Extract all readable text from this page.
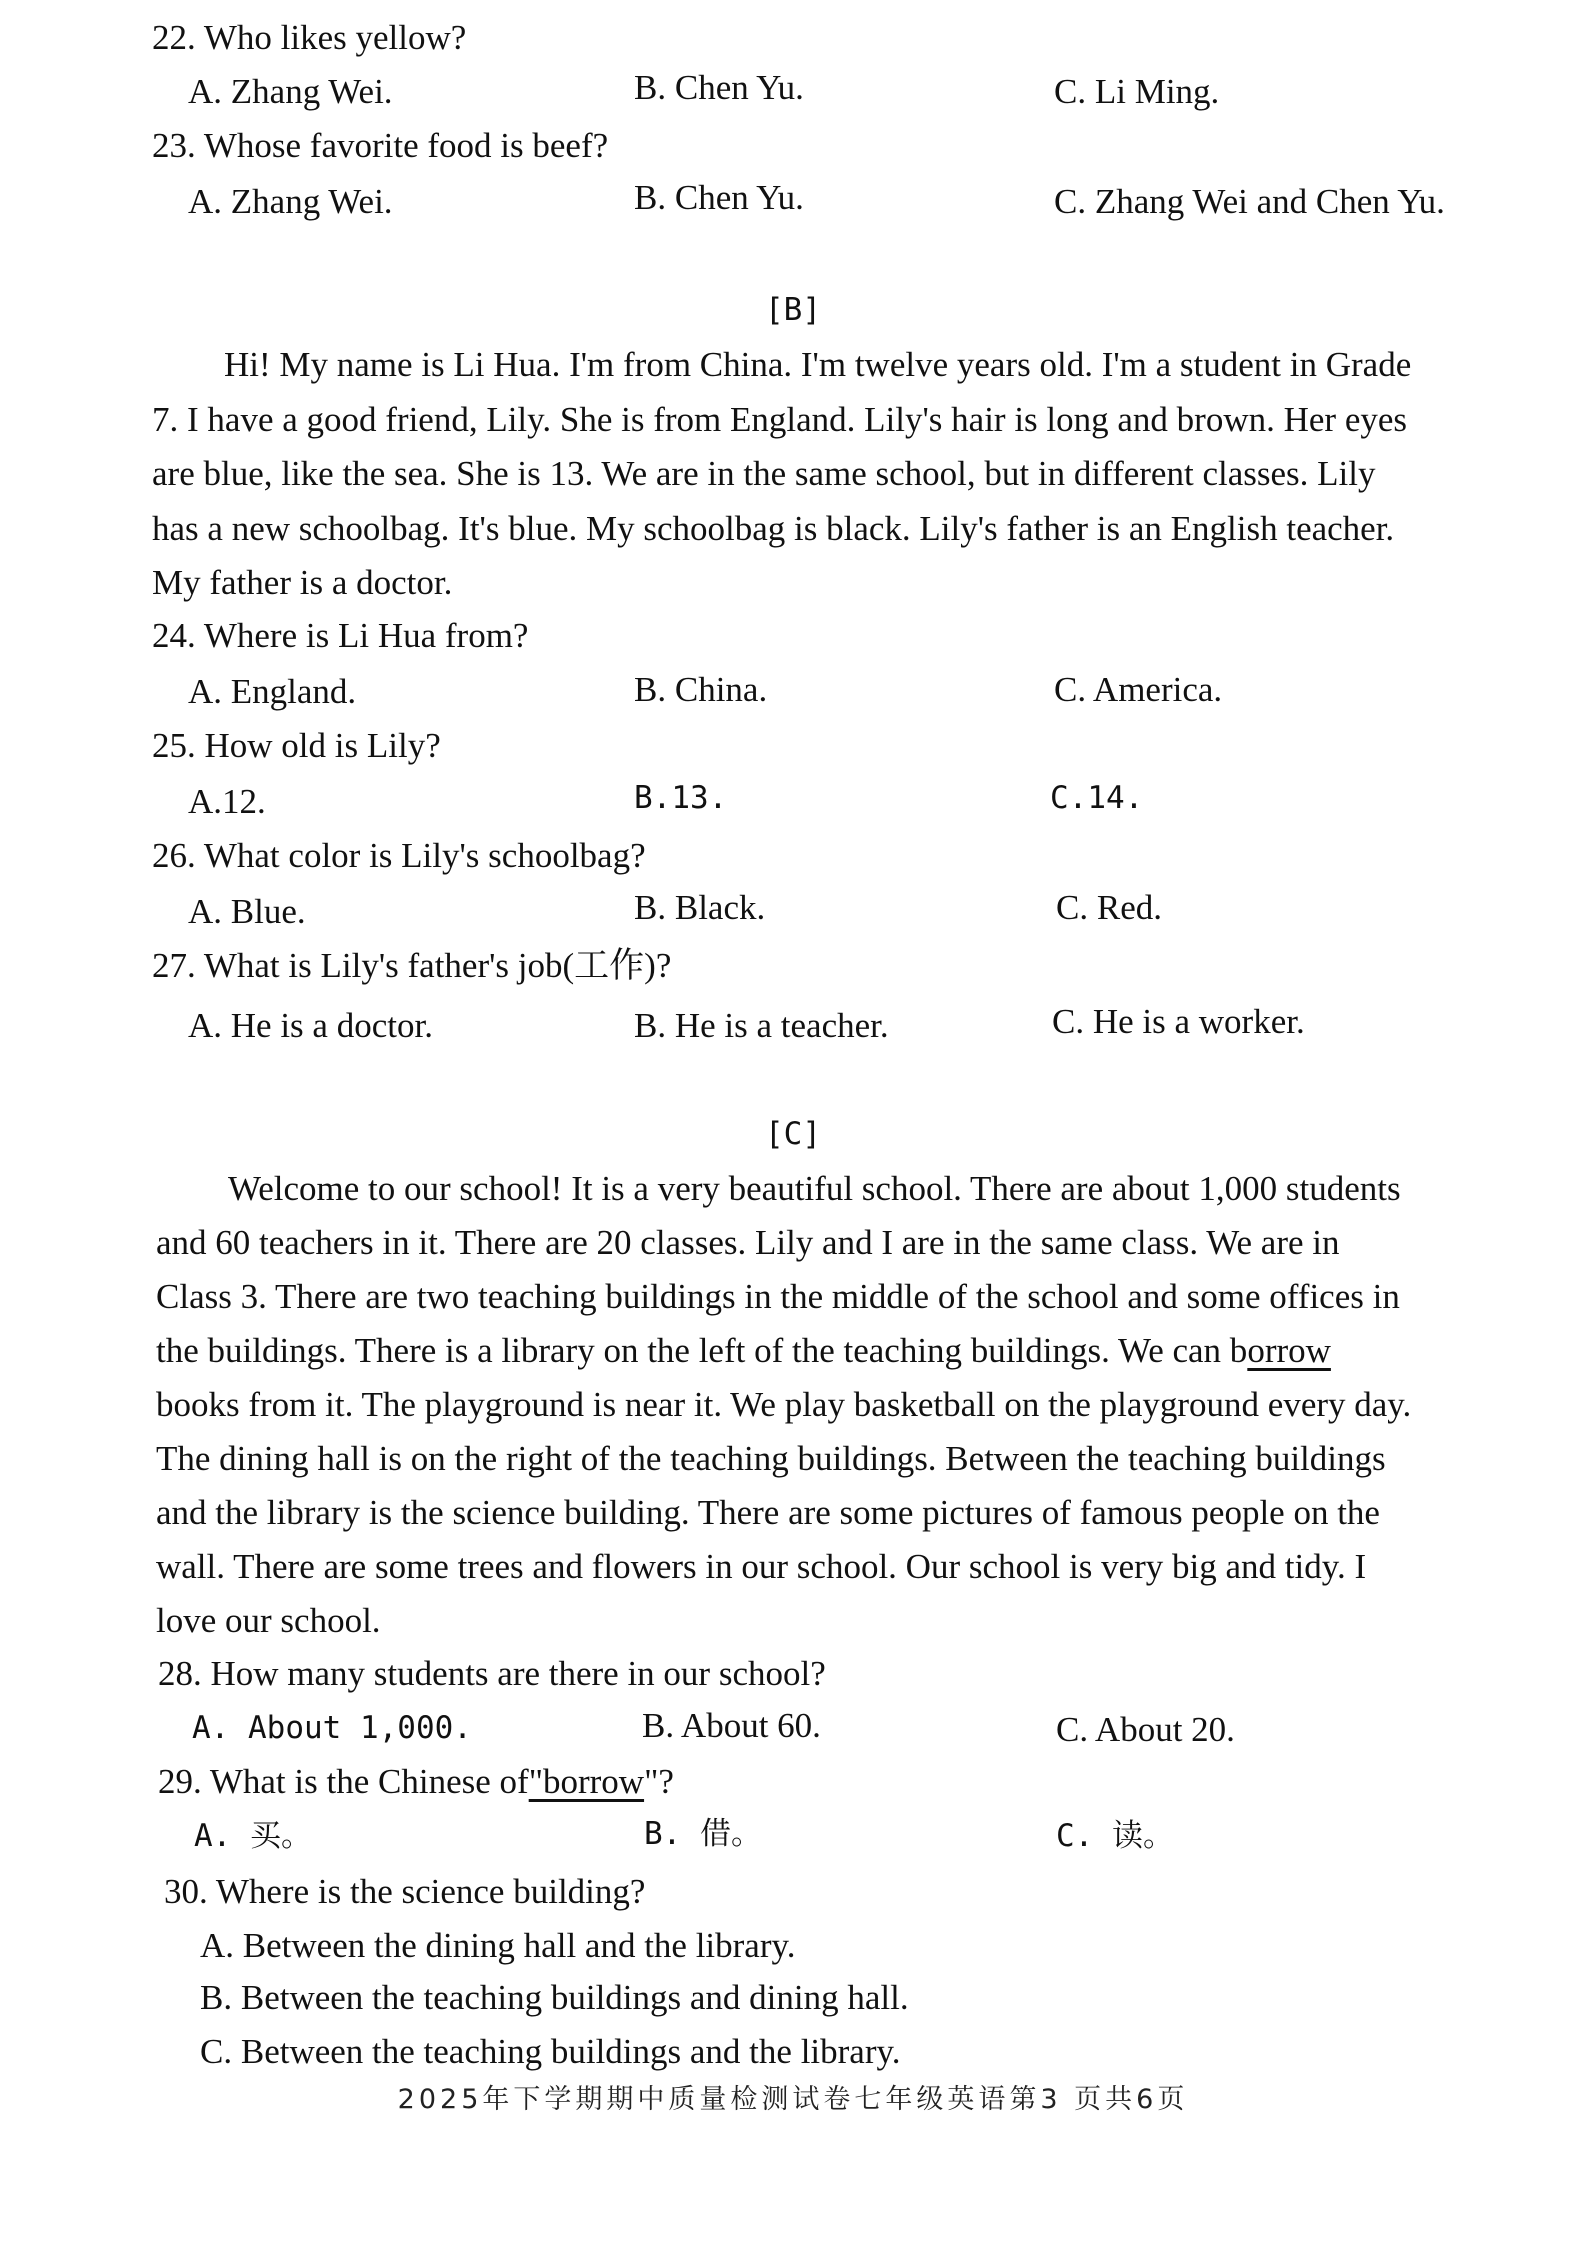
22. Who likes yellow?
A. Zhang Wei.	B. Chen Yu.	C. Li Ming.
23. Whose favorite food is beef?
A. Zhang Wei.	B. Chen Yu.	C. Zhang Wei and Chen Yu.
[B]
Hi! My name is Li Hua. I'm from China. I'm twelve years old. I'm a student in Grade
7. I have a good friend, Lily. She is from England. Lily's hair is long and brown. Her eyes
are blue, like the sea. She is 13. We are in the same school, but in different classes. Lily
has a new schoolbag. It's blue. My schoolbag is black. Lily's father is an English teacher.
My father is a doctor.
24. Where is Li Hua from?
A. England.	B. China.	C. America.
25. How old is Lily?
A.12.	B.13.	C.14.
26. What color is Lily's schoolbag?
A. Blue.	B. Black.	C. Red.
27. What is Lily's father's job(工作)?
A. He is a doctor.	B. He is a teacher.	C. He is a worker.
[C]
Welcome to our school! It is a very beautiful school. There are about 1,000 students
and 60 teachers in it. There are 20 classes. Lily and I are in the same class. We are in
Class 3. There are two teaching buildings in the middle of the school and some offices in
the buildings. There is a library on the left of the teaching buildings. We can borrow
books from it. The playground is near it. We play basketball on the playground every day.
The dining hall is on the right of the teaching buildings. Between the teaching buildings
and the library is the science building. There are some pictures of famous people on the
wall. There are some trees and flowers in our school. Our school is very big and tidy. I
love our school.
28. How many students are there in our school?
A. About 1,000.	B. About 60.	C. About 20.
29. What is the Chinese of"borrow"?
A. 买。	B. 借。	C. 读。
30. Where is the science building?
A. Between the dining hall and the library.
B. Between the teaching buildings and dining hall.
C. Between the teaching buildings and the library.
2025年下学期期中质量检测试卷七年级英语第3 页共6页
